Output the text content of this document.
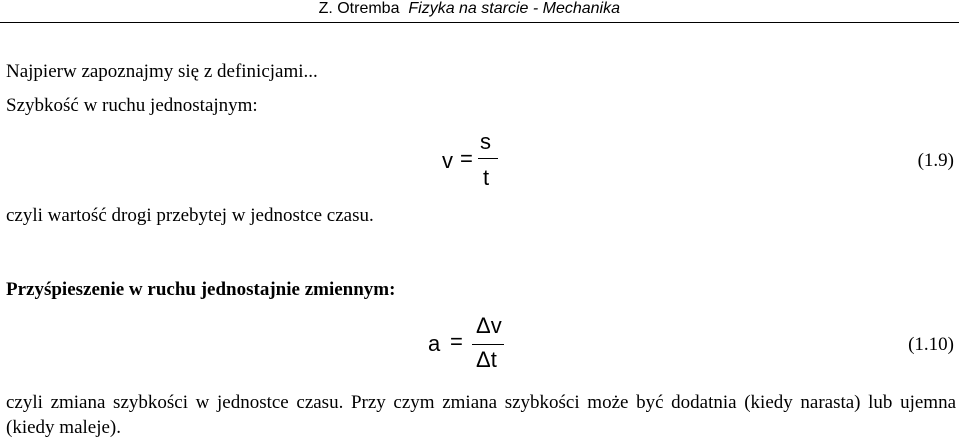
Z. Otremba Fizyka na starcie - Mechanika
Najpierw zapoznajmy się z definicjami...
Szybkość w ruchu jednostajnym:
v =
s
t
(1.9)
czyli wartość drogi przebytej w jednostce czasu.
Przyśpieszenie w ruchu jednostajnie zmiennym:
a =
Δv
Δt
(1.10)
czyli zmiana szybkości w jednostce czasu. Przy czym zmiana szybkości może być dodatnia (kiedy narasta) lub ujemna (kiedy maleje).
